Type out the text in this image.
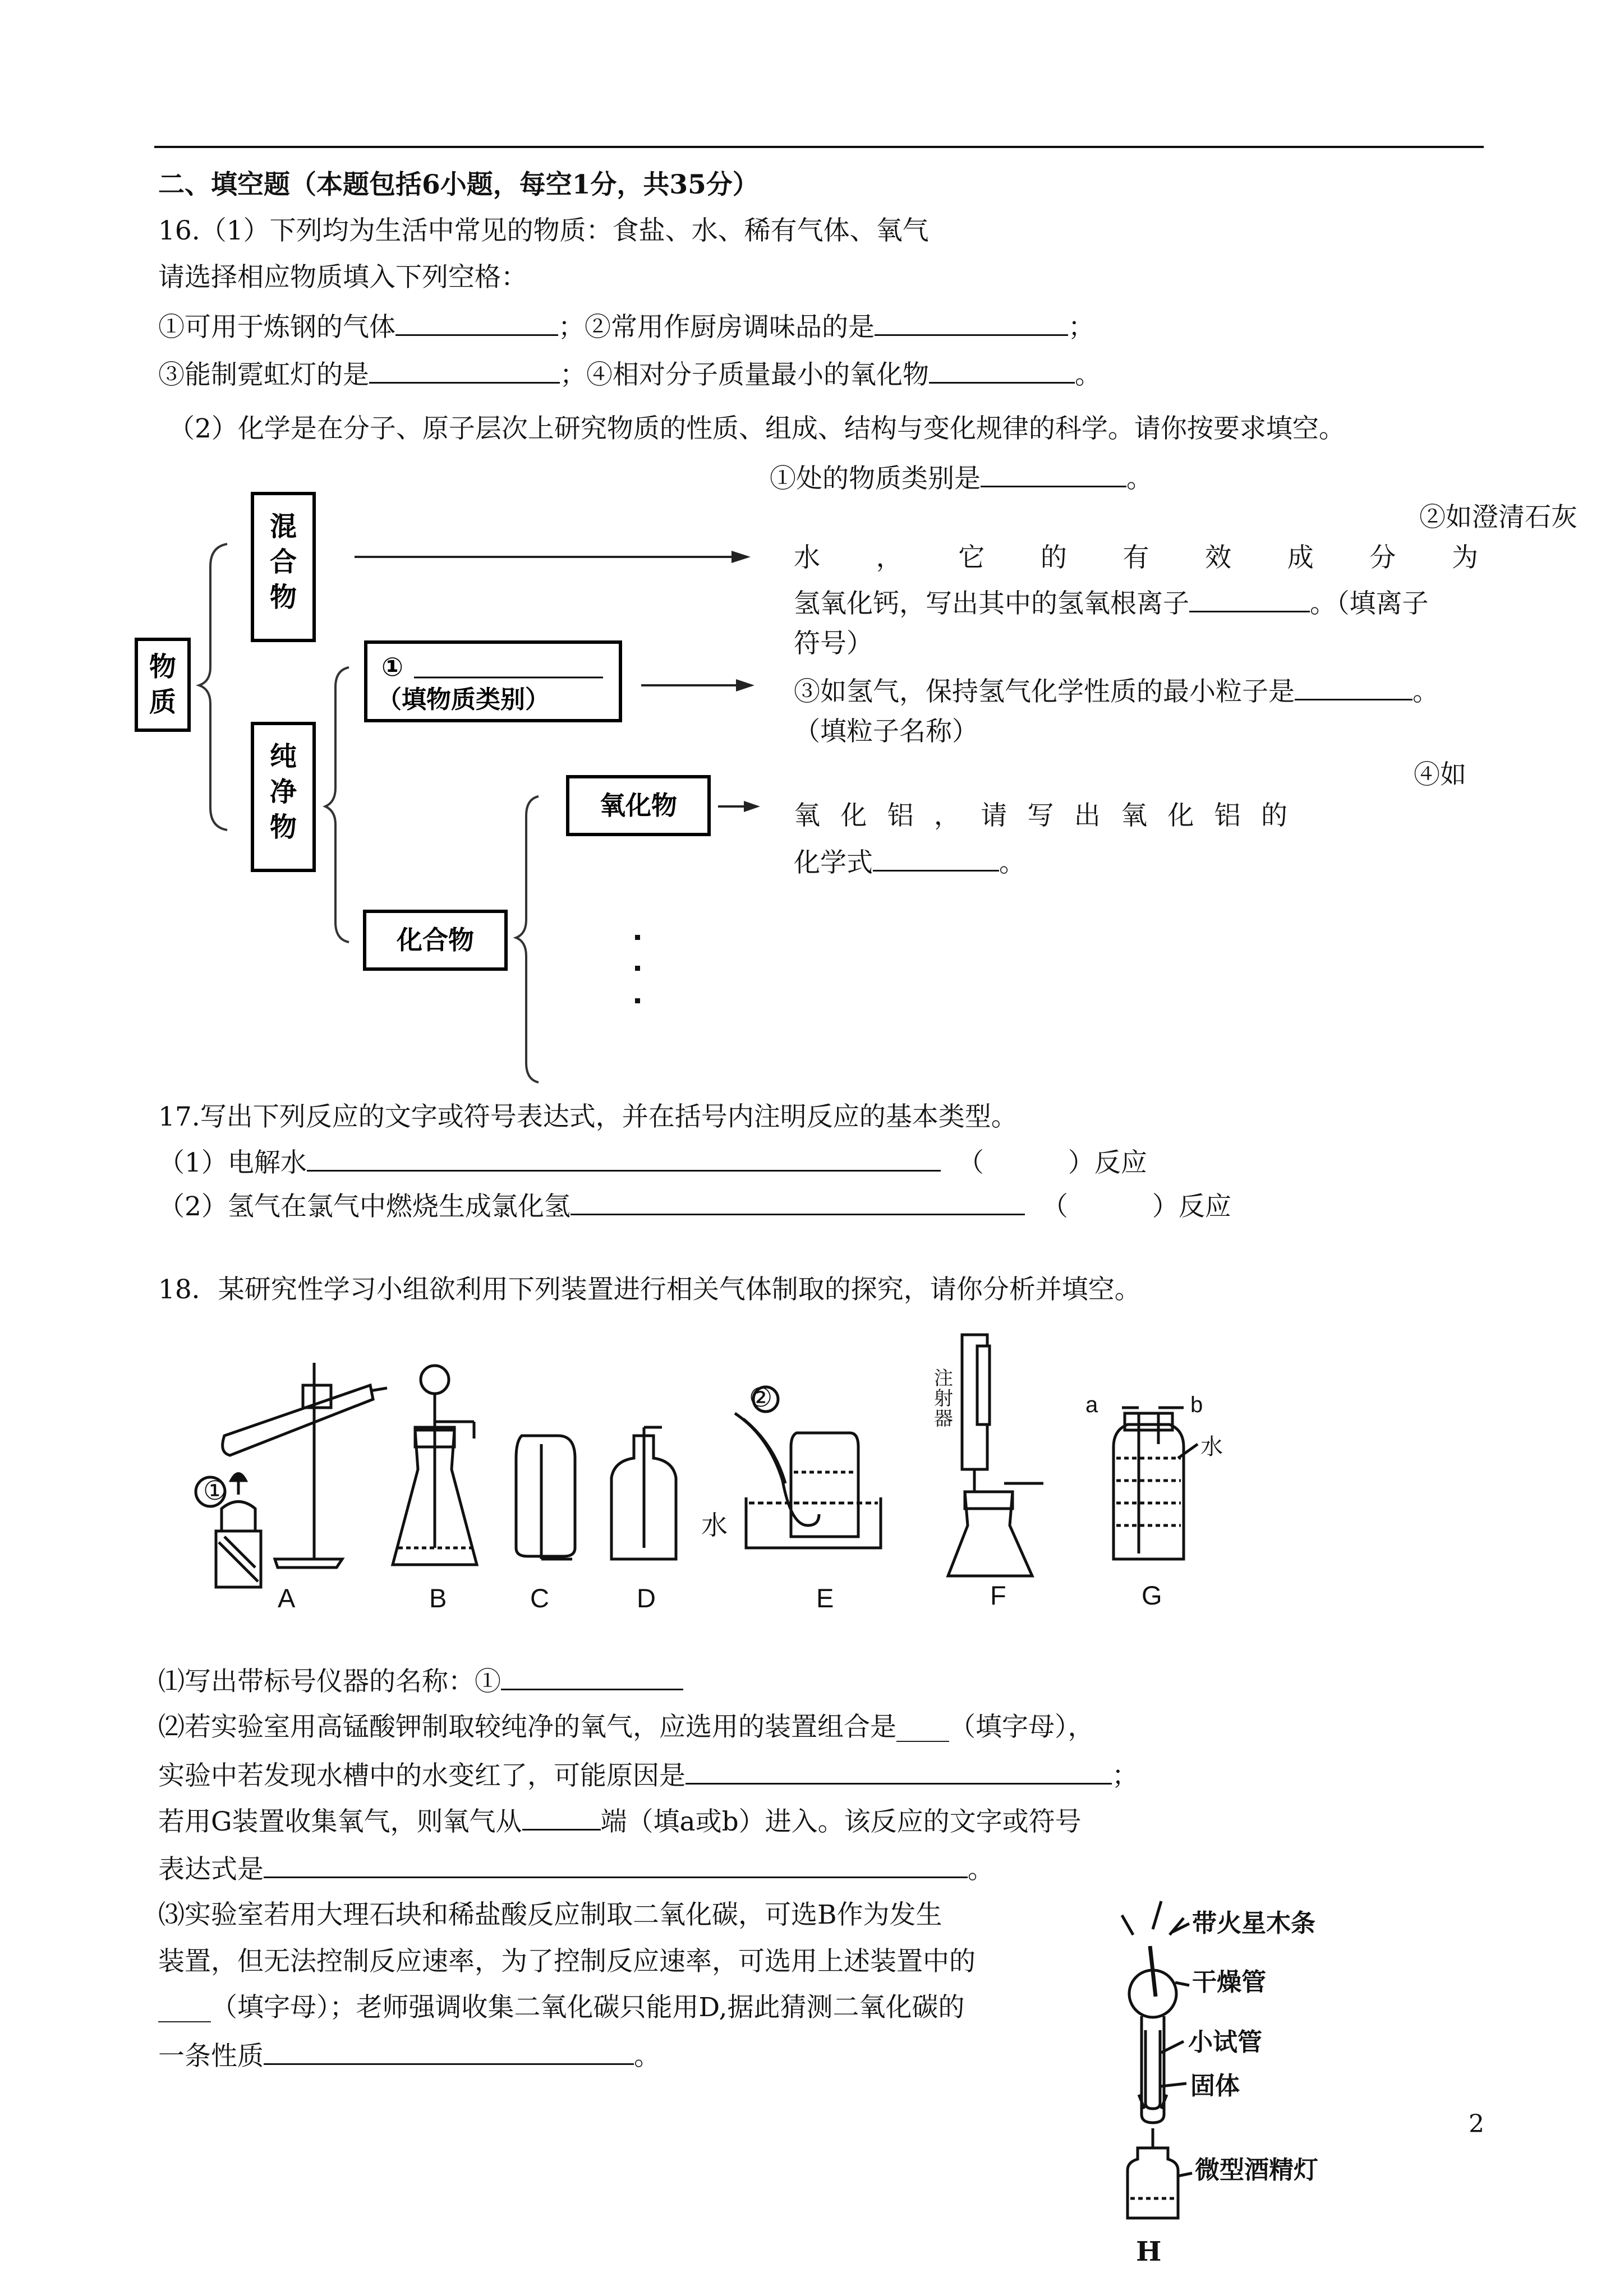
二、填空题（本题包括6小题，每空1分，共35分）
16.（1）下列均为生活中常见的物质：食盐、水、稀有气体、氧气
请选择相应物质填入下列空格：
①可用于炼钢的气体	；②常用作厨房调味品的是	；
③能制霓虹灯的是	；④相对分子质量最小的氧化物	。
（2）化学是在分子、原子层次上研究物质的性质、组成、结构与变化规律的科学。请你按要求填空。
物
质
混
合
物
纯
净
物
①
（填物质类别）
氧化物
化合物
①处的物质类别是	。
②如澄清石灰
水 ， 它 的 有 效 成 分 为
氢氧化钙，写出其中的氢氧根离子	。（填离子
符号）
③如氢气，保持氢气化学性质的最小粒子是	。
（填粒子名称）
④如
氧 化 铝 ， 请 写 出 氧 化 铝 的
化学式	。
17.写出下列反应的文字或符号表达式，并在括号内注明反应的基本类型。
（1）电解水	（	）反应
（2）氢气在氯气中燃烧生成氯化氢	（	）反应
18．某研究性学习小组欲利用下列装置进行相关气体制取的探究，请你分析并填空。
①
②
水
a	b
水
注射器
A	B	C	D	E	F	G
⑴写出带标号仪器的名称：①
⑵若实验室用高锰酸钾制取较纯净的氧气，应选用的装置组合是____（填字母），
实验中若发现水槽中的水变红了，可能原因是	；
若用G装置收集氧气，则氧气从	端（填a或b）进入。该反应的文字或符号
表达式是	。
⑶实验室若用大理石块和稀盐酸反应制取二氧化碳，可选B作为发生
装置，但无法控制反应速率，为了控制反应速率，可选用上述装置中的
____（填字母）；老师强调收集二氧化碳只能用D,据此猜测二氧化碳的
一条性质	。
带火星木条
干燥管
小试管
固体
微型酒精灯
H
2
